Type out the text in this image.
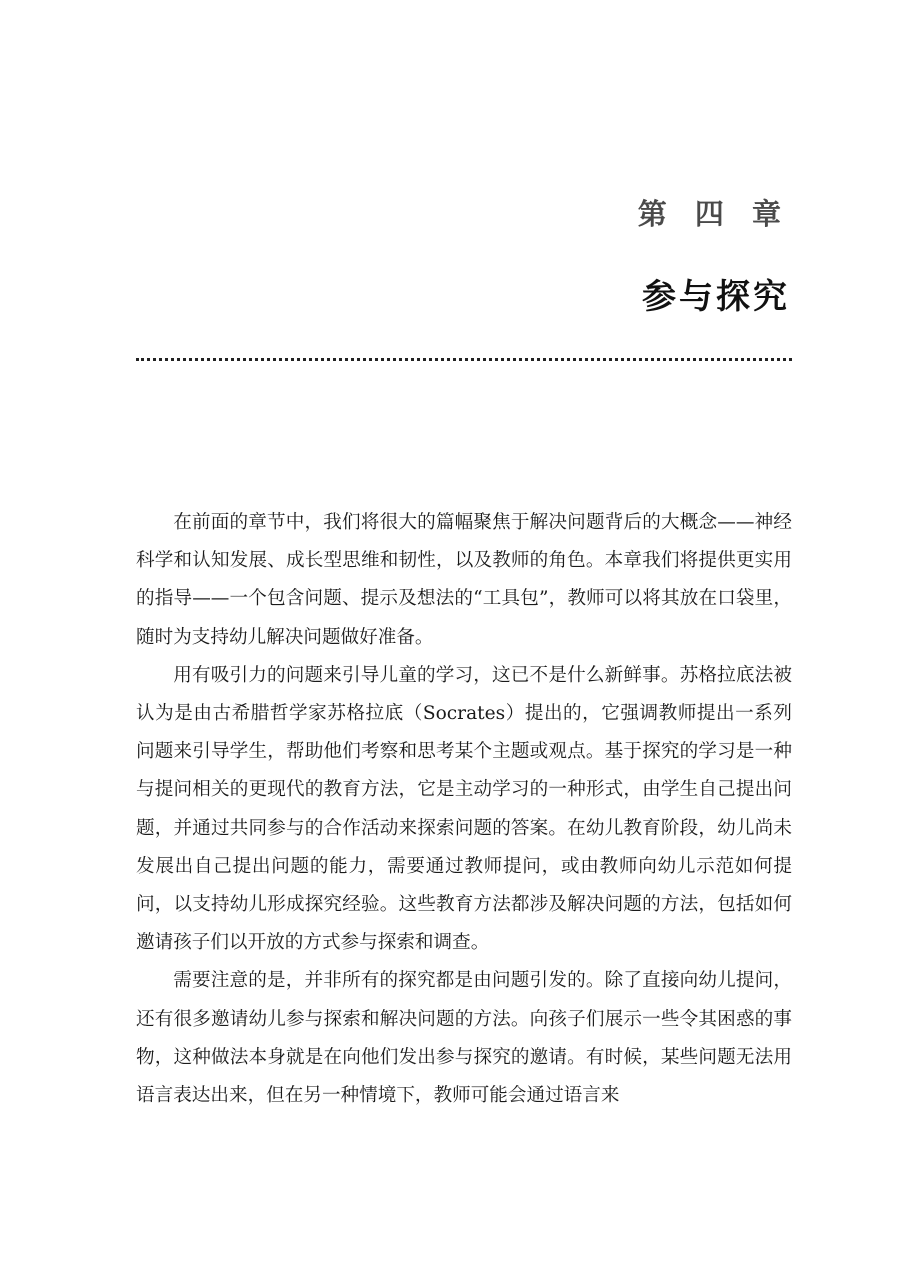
第 四 章
参与探究

在前面的章节中，我们将很大的篇幅聚焦于解决问题背后的大概念——神经科学和认知发展、成长型思维和韧性，以及教师的角色。本章我们将提供更实用的指导——一个包含问题、提示及想法的“工具包”，教师可以将其放在口袋里，随时为支持幼儿解决问题做好准备。

用有吸引力的问题来引导儿童的学习，这已不是什么新鲜事。苏格拉底法被认为是由古希腊哲学家苏格拉底（Socrates）提出的，它强调教师提出一系列问题来引导学生，帮助他们考察和思考某个主题或观点。基于探究的学习是一种与提问相关的更现代的教育方法，它是主动学习的一种形式，由学生自己提出问题，并通过共同参与的合作活动来探索问题的答案。在幼儿教育阶段，幼儿尚未发展出自己提出问题的能力，需要通过教师提问，或由教师向幼儿示范如何提问，以支持幼儿形成探究经验。这些教育方法都涉及解决问题的方法，包括如何邀请孩子们以开放的方式参与探索和调查。

需要注意的是，并非所有的探究都是由问题引发的。除了直接向幼儿提问，还有很多邀请幼儿参与探索和解决问题的方法。向孩子们展示一些令其困惑的事物，这种做法本身就是在向他们发出参与探究的邀请。有时候，某些问题无法用语言表达出来，但在另一种情境下，教师可能会通过语言来
